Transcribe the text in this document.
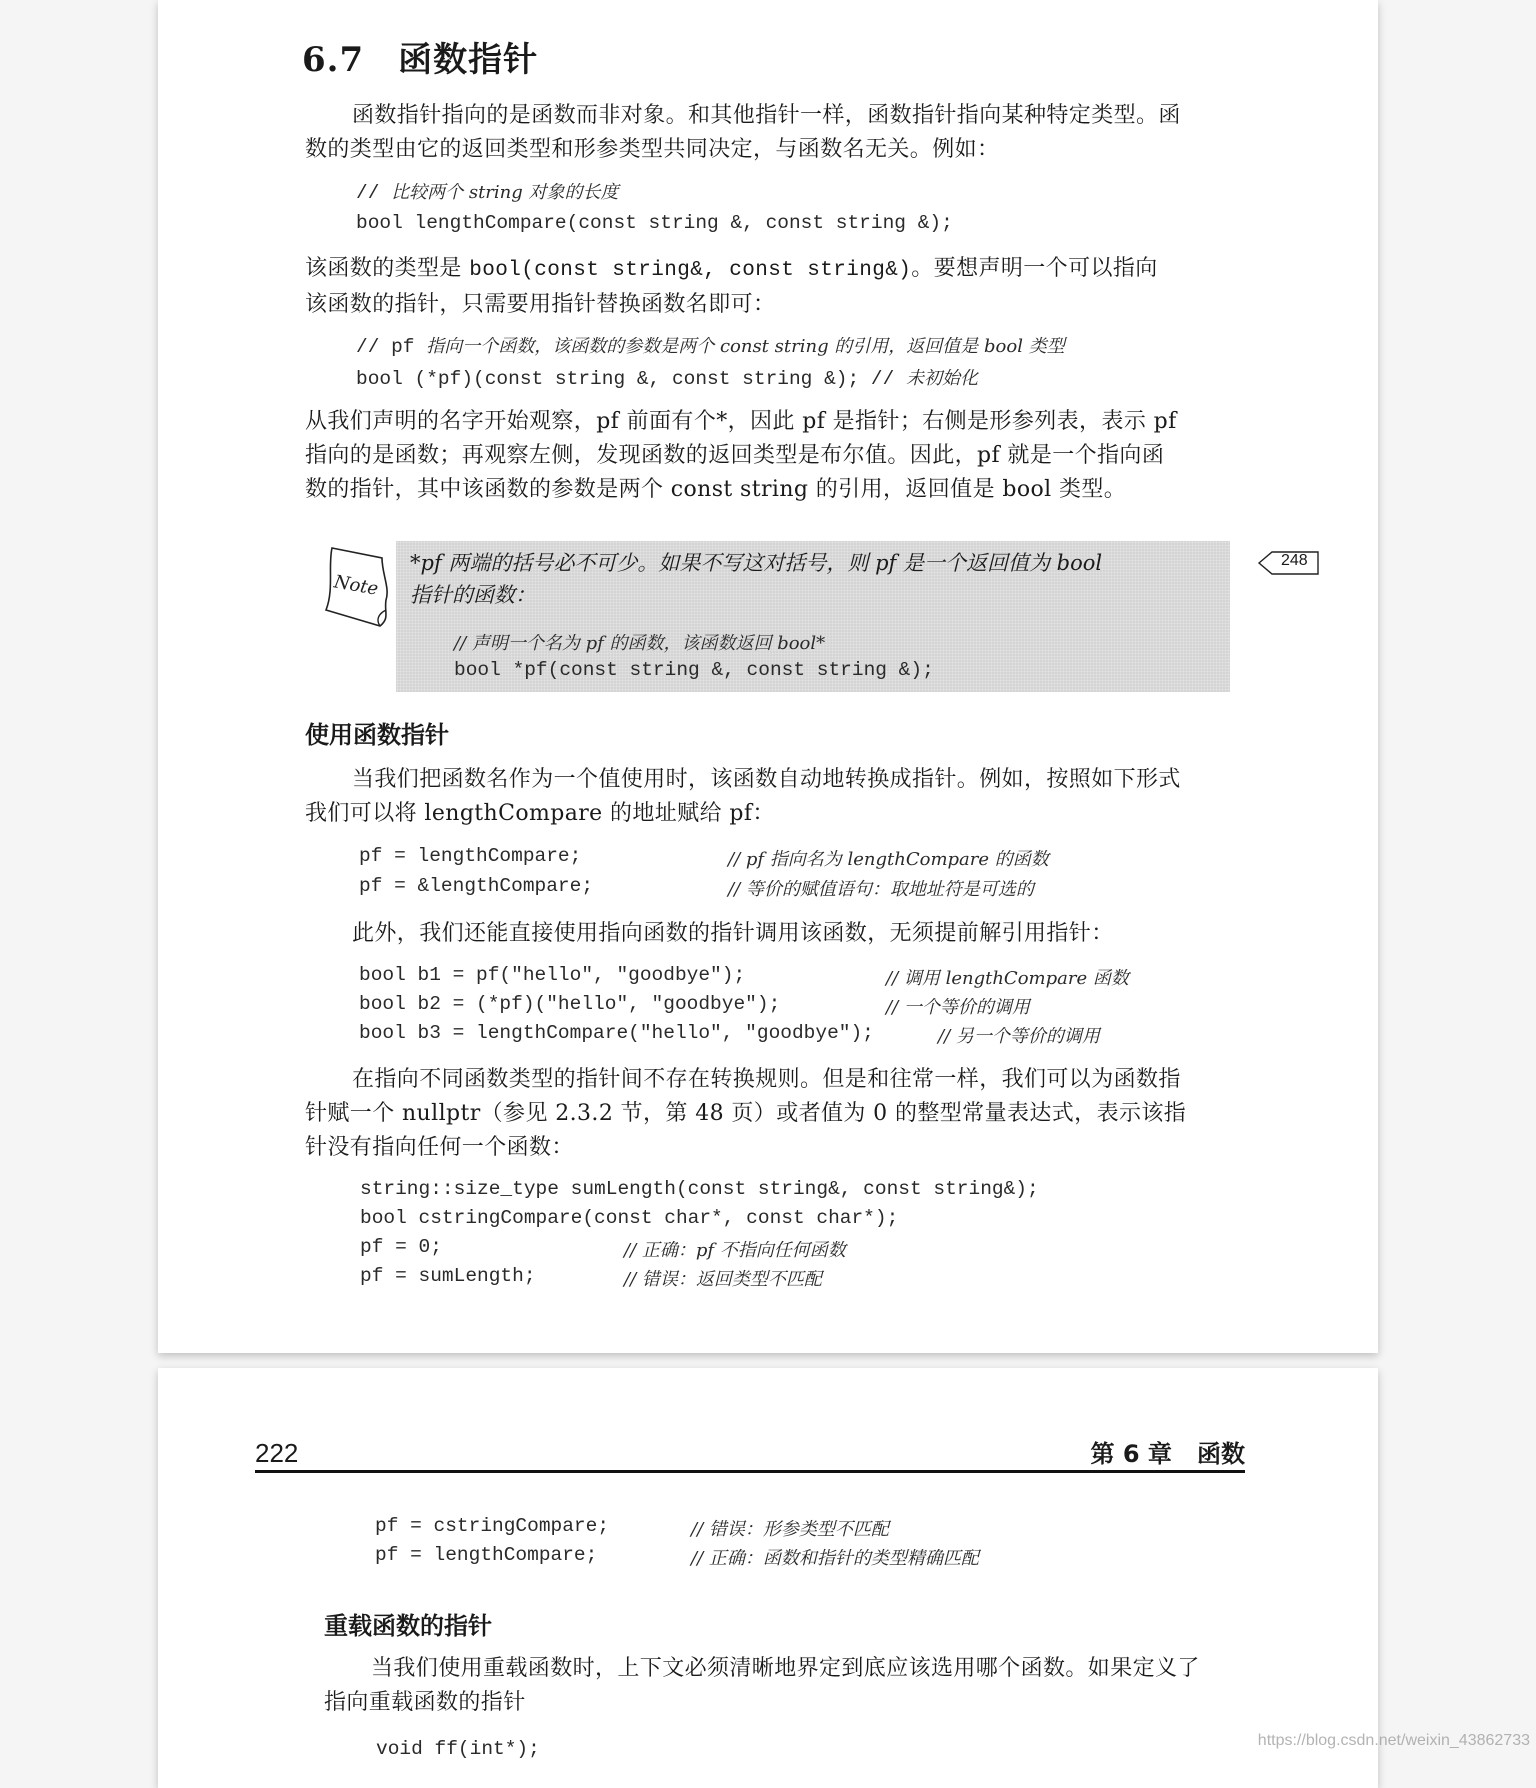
6.7 函数指针
函数指针指向的是函数而非对象。和其他指针一样，函数指针指向某种特定类型。函
数的类型由它的返回类型和形参类型共同决定，与函数名无关。例如：
// 比较两个 string 对象的长度
bool lengthCompare(const string &, const string &);
该函数的类型是 bool(const string&, const string&)。要想声明一个可以指向
该函数的指针，只需要用指针替换函数名即可：
// pf 指向一个函数，该函数的参数是两个 const string 的引用，返回值是 bool 类型
bool (*pf)(const string &, const string &); // 未初始化
从我们声明的名字开始观察，pf 前面有个*，因此 pf 是指针；右侧是形参列表，表示 pf
指向的是函数；再观察左侧，发现函数的返回类型是布尔值。因此，pf 就是一个指向函
数的指针，其中该函数的参数是两个 const string 的引用，返回值是 bool 类型。
Note
*pf 两端的括号必不可少。如果不写这对括号，则 pf 是一个返回值为 bool
指针的函数：
// 声明一个名为 pf 的函数，该函数返回 bool*
bool *pf(const string &, const string &);
248
使用函数指针
当我们把函数名作为一个值使用时，该函数自动地转换成指针。例如，按照如下形式
我们可以将 lengthCompare 的地址赋给 pf：
pf = lengthCompare;	// pf 指向名为 lengthCompare 的函数
pf = &lengthCompare;	// 等价的赋值语句：取地址符是可选的
此外，我们还能直接使用指向函数的指针调用该函数，无须提前解引用指针：
bool b1 = pf("hello", "goodbye");	// 调用 lengthCompare 函数
bool b2 = (*pf)("hello", "goodbye");	// 一个等价的调用
bool b3 = lengthCompare("hello", "goodbye");	// 另一个等价的调用
在指向不同函数类型的指针间不存在转换规则。但是和往常一样，我们可以为函数指
针赋一个 nullptr（参见 2.3.2 节，第 48 页）或者值为 0 的整型常量表达式，表示该指
针没有指向任何一个函数：
string::size_type sumLength(const string&, const string&);
bool cstringCompare(const char*, const char*);
pf = 0;	// 正确：pf 不指向任何函数
pf = sumLength;	// 错误：返回类型不匹配
222	第 6 章   函数
pf = cstringCompare;	// 错误：形参类型不匹配
pf = lengthCompare;	// 正确：函数和指针的类型精确匹配
重载函数的指针
当我们使用重载函数时，上下文必须清晰地界定到底应该选用哪个函数。如果定义了
指向重载函数的指针
void ff(int*);	https://blog.csdn.net/weixin_43862733
